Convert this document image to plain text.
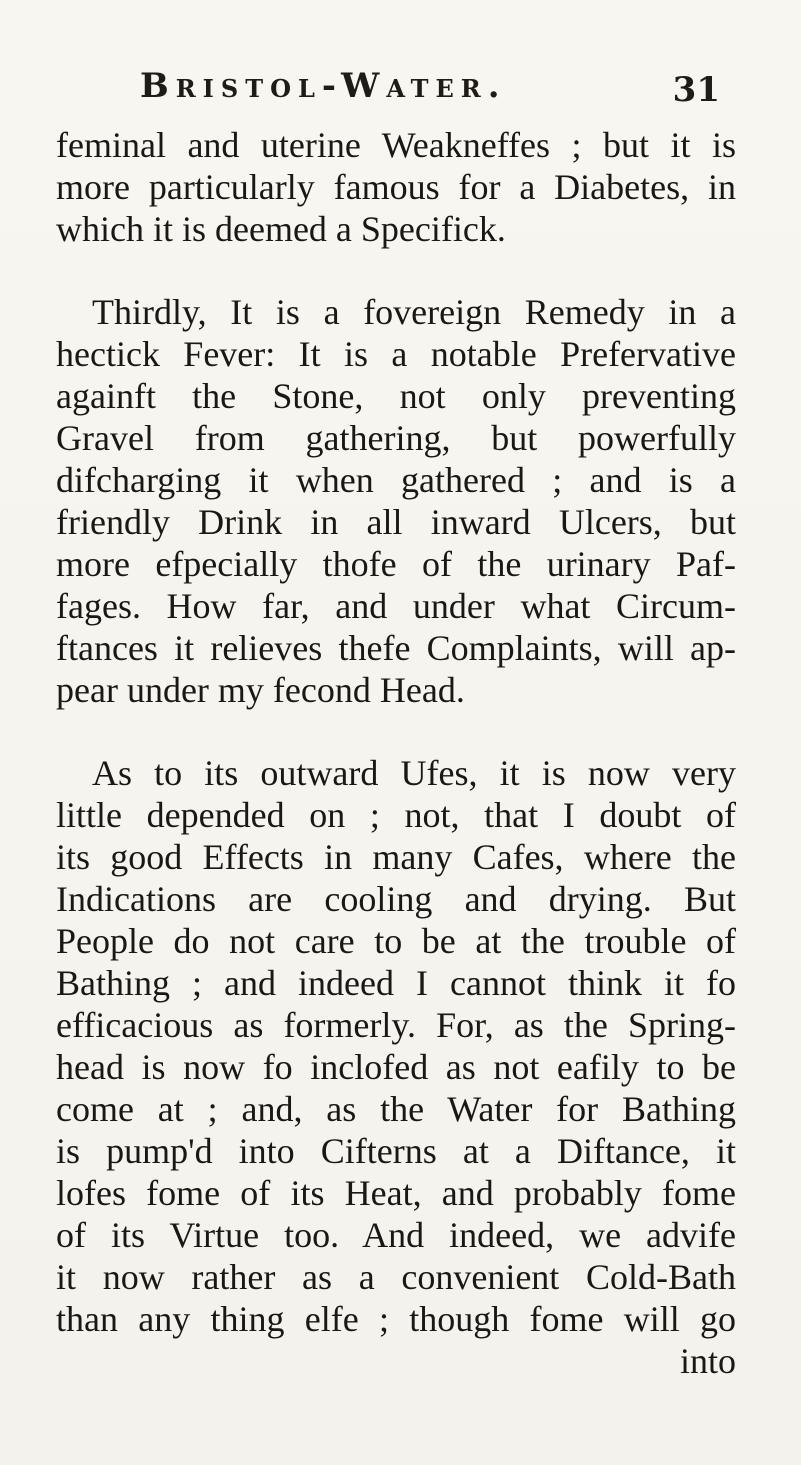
Bristol-Water.	31
feminal and uterine Weakneffes ; but it is
more particularly famous for a Diabetes, in
which it is deemed a Specifick.
Thirdly, It is a fovereign Remedy in a
hectick Fever: It is a notable Prefervative
againft the Stone, not only preventing
Gravel from gathering, but powerfully
difcharging it when gathered ; and is a
friendly Drink in all inward Ulcers, but
more efpecially thofe of the urinary Paf-
fages. How far, and under what Circum-
ftances it relieves thefe Complaints, will ap-
pear under my fecond Head.
As to its outward Ufes, it is now very
little depended on ; not, that I doubt of
its good Effects in many Cafes, where the
Indications are cooling and drying. But
People do not care to be at the trouble of
Bathing ; and indeed I cannot think it fo
efficacious as formerly. For, as the Spring-
head is now fo inclofed as not eafily to be
come at ; and, as the Water for Bathing
is pump'd into Cifterns at a Diftance, it
lofes fome of its Heat, and probably fome
of its Virtue too. And indeed, we advife
it now rather as a convenient Cold-Bath
than any thing elfe ; though fome will go
into
